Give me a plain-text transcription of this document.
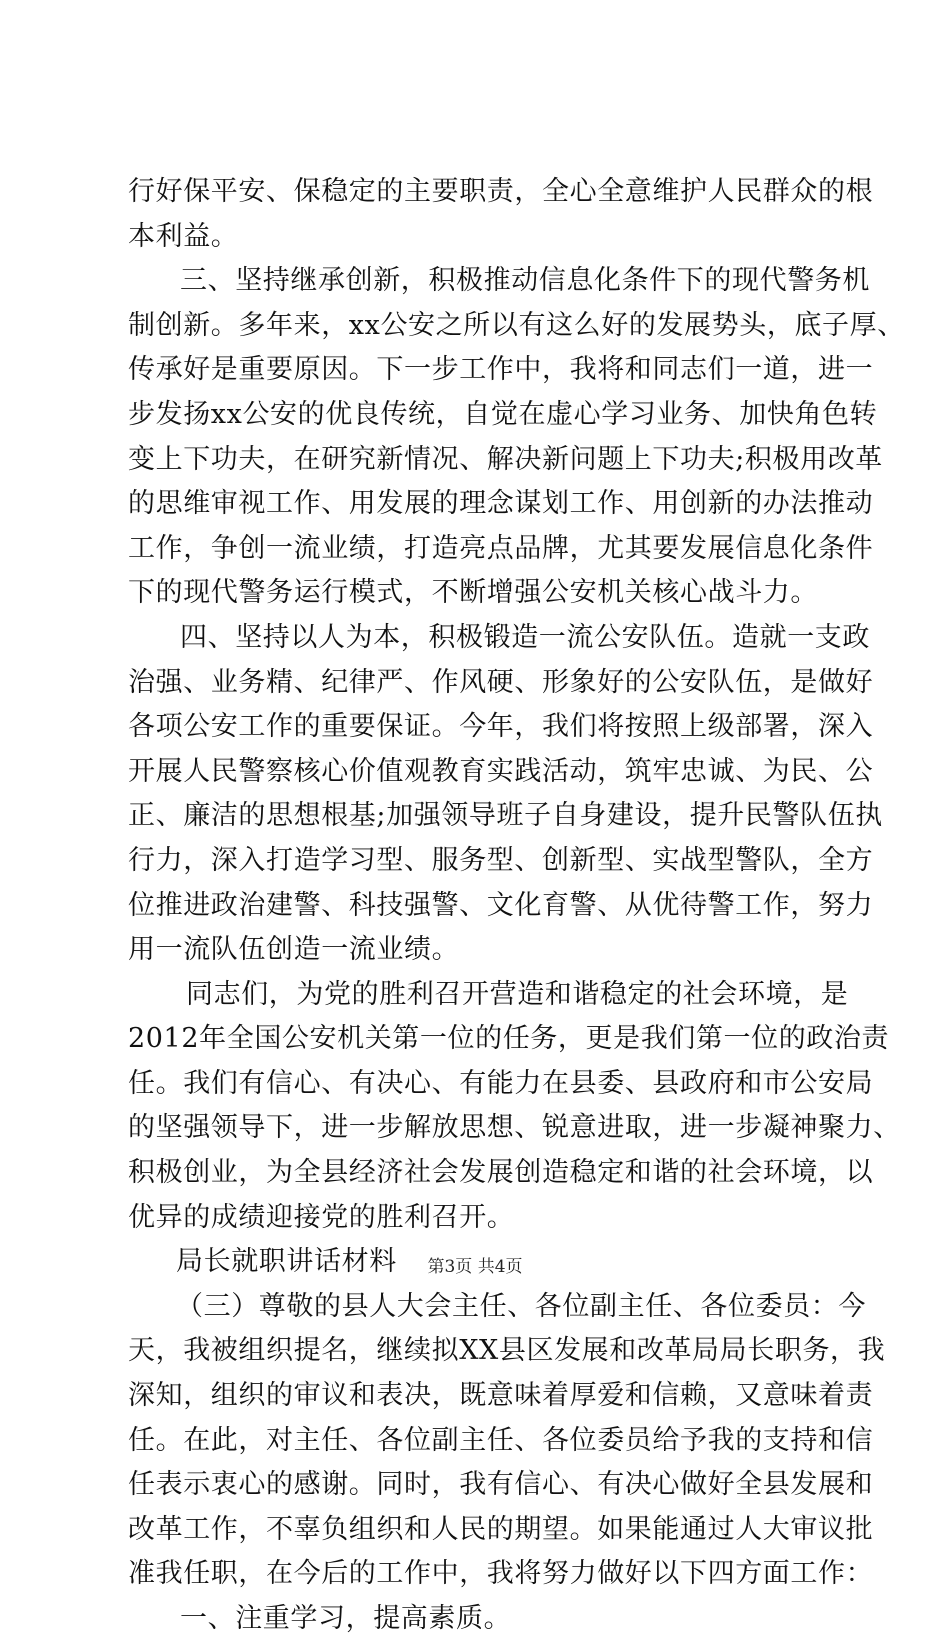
行好保平安、保稳定的主要职责，全心全意维护人民群众的根
本利益。
三、坚持继承创新，积极推动信息化条件下的现代警务机
制创新。多年来，xx公安之所以有这么好的发展势头，底子厚、
传承好是重要原因。下一步工作中，我将和同志们一道，进一
步发扬xx公安的优良传统，自觉在虚心学习业务、加快角色转
变上下功夫，在研究新情况、解决新问题上下功夫;积极用改革
的思维审视工作、用发展的理念谋划工作、用创新的办法推动
工作，争创一流业绩，打造亮点品牌，尤其要发展信息化条件
下的现代警务运行模式，不断增强公安机关核心战斗力。
四、坚持以人为本，积极锻造一流公安队伍。造就一支政
治强、业务精、纪律严、作风硬、形象好的公安队伍，是做好
各项公安工作的重要保证。今年，我们将按照上级部署，深入
开展人民警察核心价值观教育实践活动，筑牢忠诚、为民、公
正、廉洁的思想根基;加强领导班子自身建设，提升民警队伍执
行力，深入打造学习型、服务型、创新型、实战型警队，全方
位推进政治建警、科技强警、文化育警、从优待警工作，努力
用一流队伍创造一流业绩。
同志们，为党的胜利召开营造和谐稳定的社会环境，是
2012年全国公安机关第一位的任务，更是我们第一位的政治责
任。我们有信心、有决心、有能力在县委、县政府和市公安局
的坚强领导下，进一步解放思想、锐意进取，进一步凝神聚力、
积极创业，为全县经济社会发展创造稳定和谐的社会环境，以
优异的成绩迎接党的胜利召开。
局长就职讲话材料
（三）尊敬的县人大会主任、各位副主任、各位委员：今
天，我被组织提名，继续拟XX县区发展和改革局局长职务，我
深知，组织的审议和表决，既意味着厚爱和信赖，又意味着责
任。在此，对主任、各位副主任、各位委员给予我的支持和信
任表示衷心的感谢。同时，我有信心、有决心做好全县发展和
改革工作，不辜负组织和人民的期望。如果能通过人大审议批
准我任职，在今后的工作中，我将努力做好以下四方面工作：
一、注重学习，提高素质。
第3页 共4页
